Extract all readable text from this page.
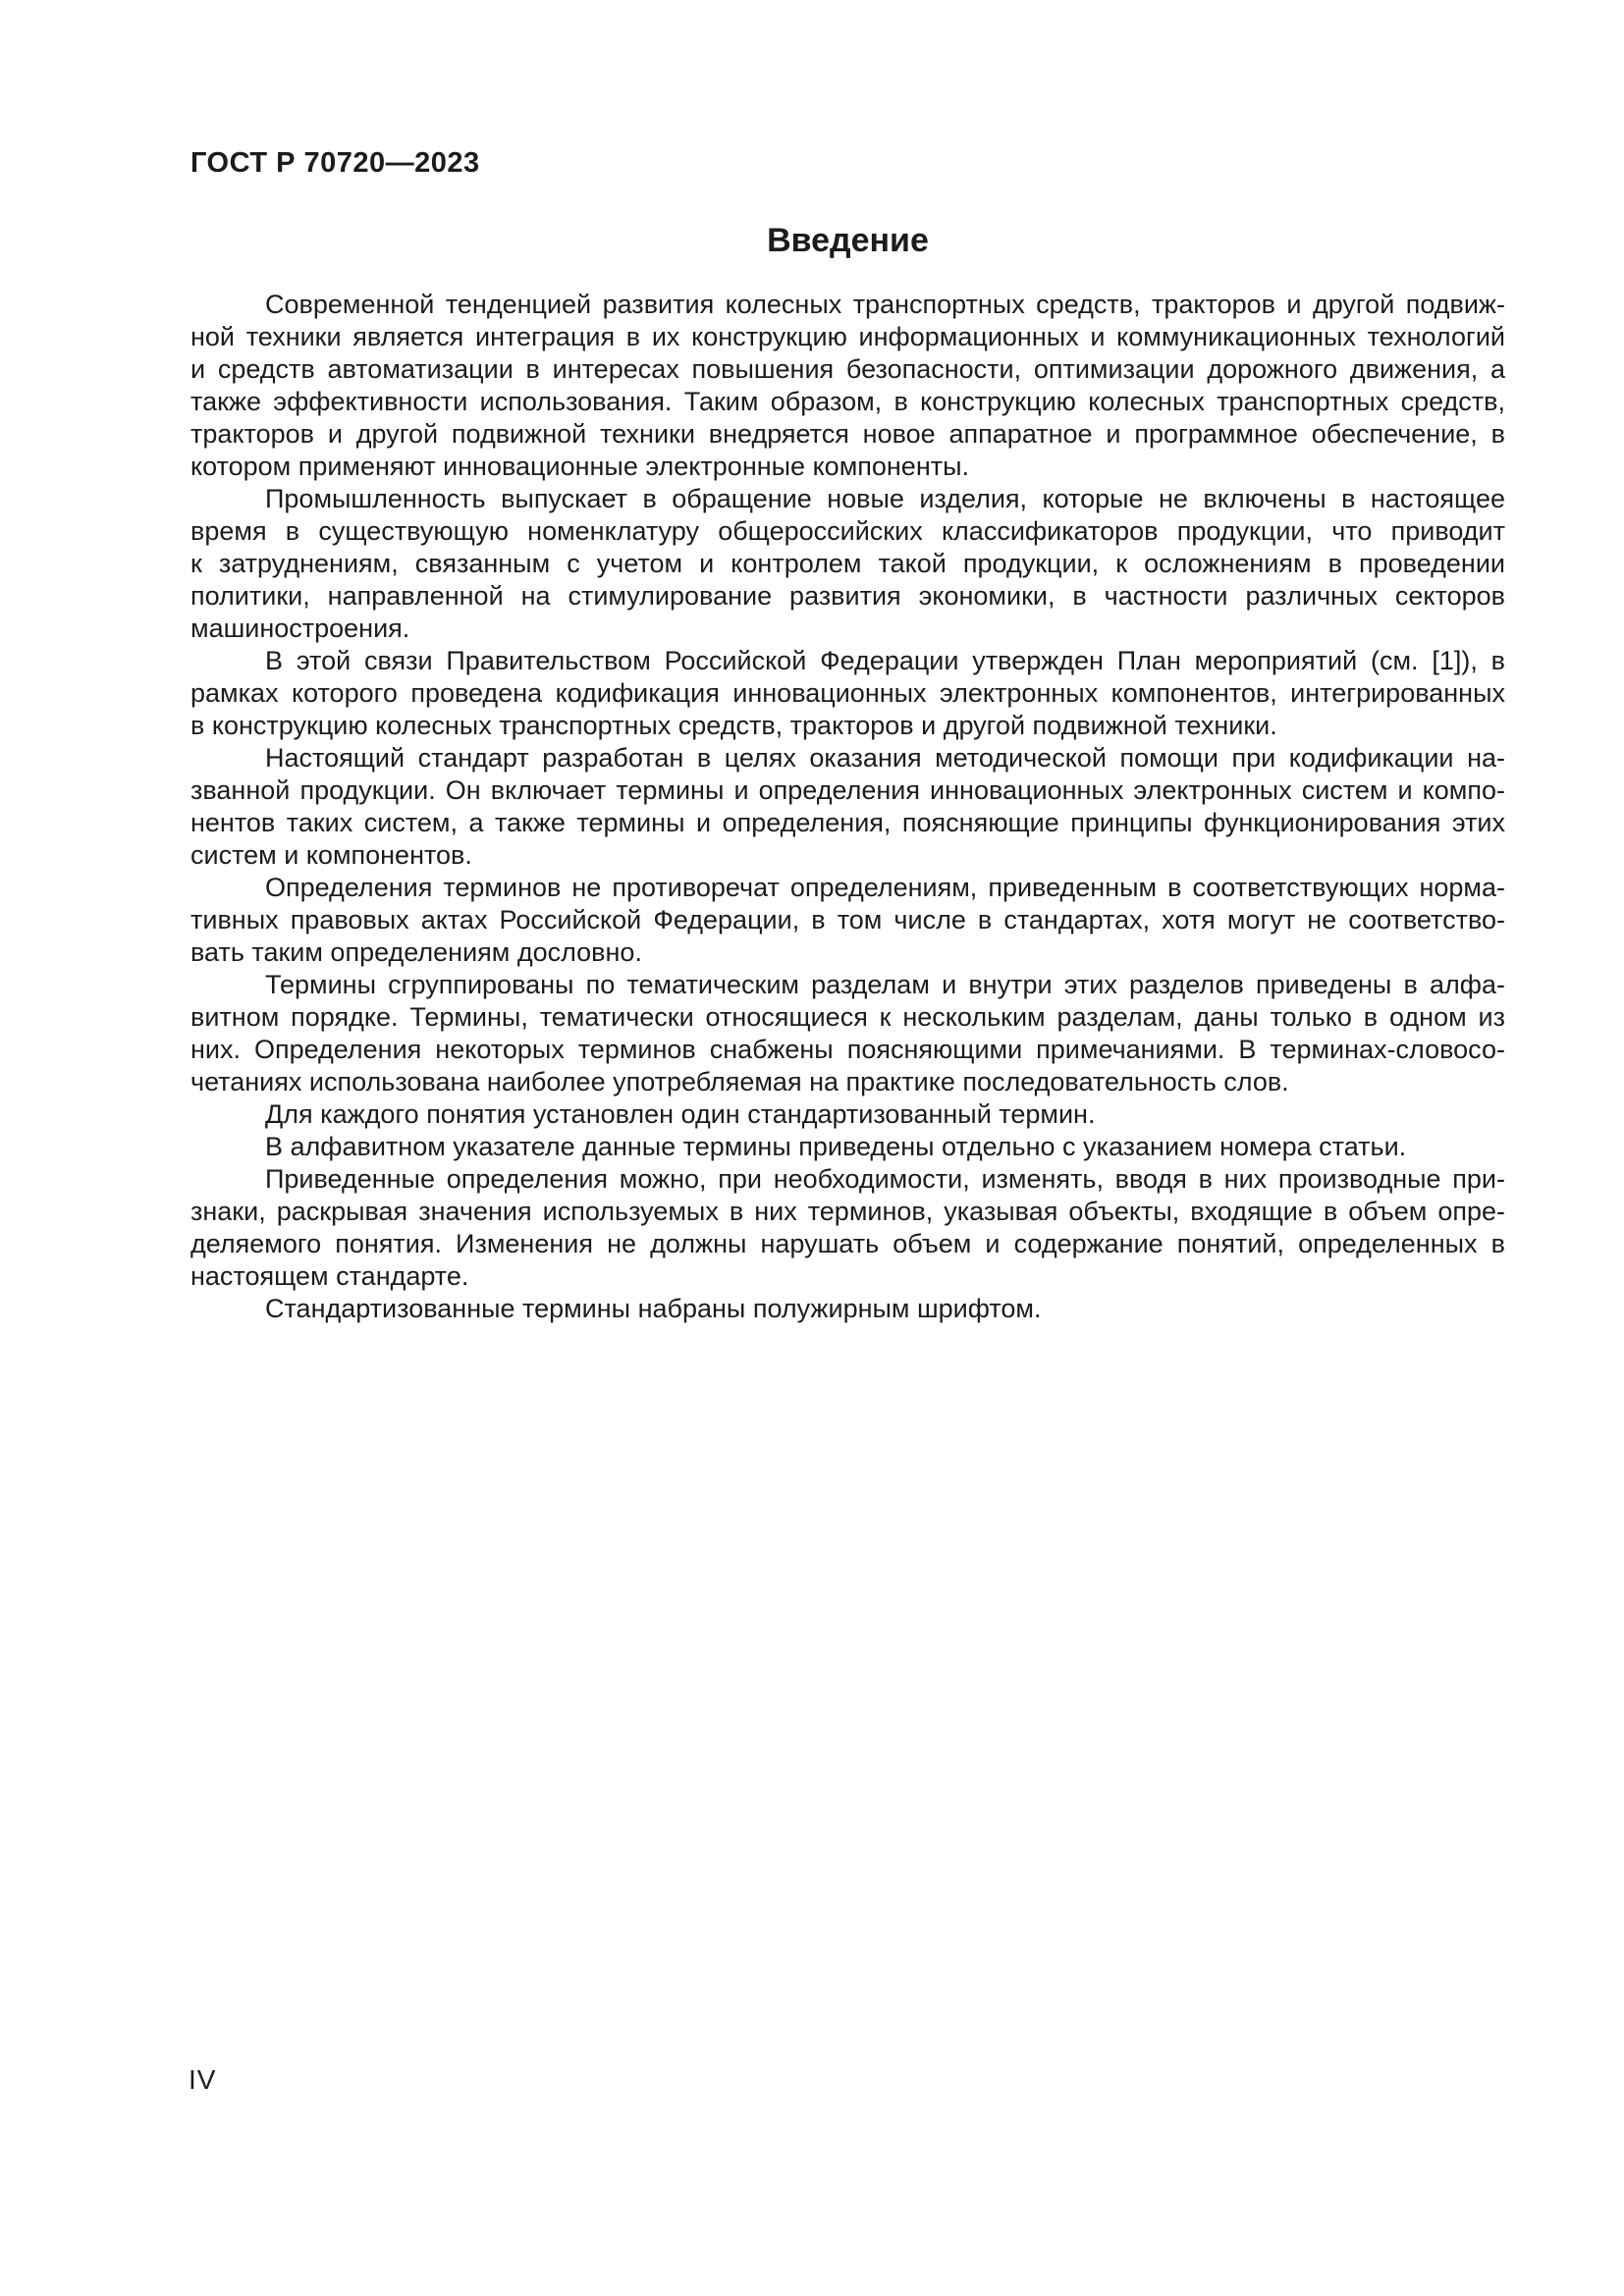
ГОСТ Р 70720—2023
Введение
Современной тенденцией развития колесных транспортных средств, тракторов и другой подвиж-
ной техники является интеграция в их конструкцию информационных и коммуникационных технологий
и средств автоматизации в интересах повышения безопасности, оптимизации дорожного движения, а
также эффективности использования. Таким образом, в конструкцию колесных транспортных средств,
тракторов и другой подвижной техники внедряется новое аппаратное и программное обеспечение, в
котором применяют инновационные электронные компоненты.
Промышленность выпускает в обращение новые изделия, которые не включены в настоящее
время в существующую номенклатуру общероссийских классификаторов продукции, что приводит
к затруднениям, связанным с учетом и контролем такой продукции, к осложнениям в проведении
политики, направленной на стимулирование развития экономики, в частности различных секторов
машиностроения.
В этой связи Правительством Российской Федерации утвержден План мероприятий (см. [1]), в
рамках которого проведена кодификация инновационных электронных компонентов, интегрированных
в конструкцию колесных транспортных средств, тракторов и другой подвижной техники.
Настоящий стандарт разработан в целях оказания методической помощи при кодификации на-
званной продукции. Он включает термины и определения инновационных электронных систем и компо-
нентов таких систем, а также термины и определения, поясняющие принципы функционирования этих
систем и компонентов.
Определения терминов не противоречат определениям, приведенным в соответствующих норма-
тивных правовых актах Российской Федерации, в том числе в стандартах, хотя могут не соответство-
вать таким определениям дословно.
Термины сгруппированы по тематическим разделам и внутри этих разделов приведены в алфа-
витном порядке. Термины, тематически относящиеся к нескольким разделам, даны только в одном из
них. Определения некоторых терминов снабжены поясняющими примечаниями. В терминах-словосо-
четаниях использована наиболее употребляемая на практике последовательность слов.
Для каждого понятия установлен один стандартизованный термин.
В алфавитном указателе данные термины приведены отдельно с указанием номера статьи.
Приведенные определения можно, при необходимости, изменять, вводя в них производные при-
знаки, раскрывая значения используемых в них терминов, указывая объекты, входящие в объем опре-
деляемого понятия. Изменения не должны нарушать объем и содержание понятий, определенных в
настоящем стандарте.
Стандартизованные термины набраны полужирным шрифтом.
IV
